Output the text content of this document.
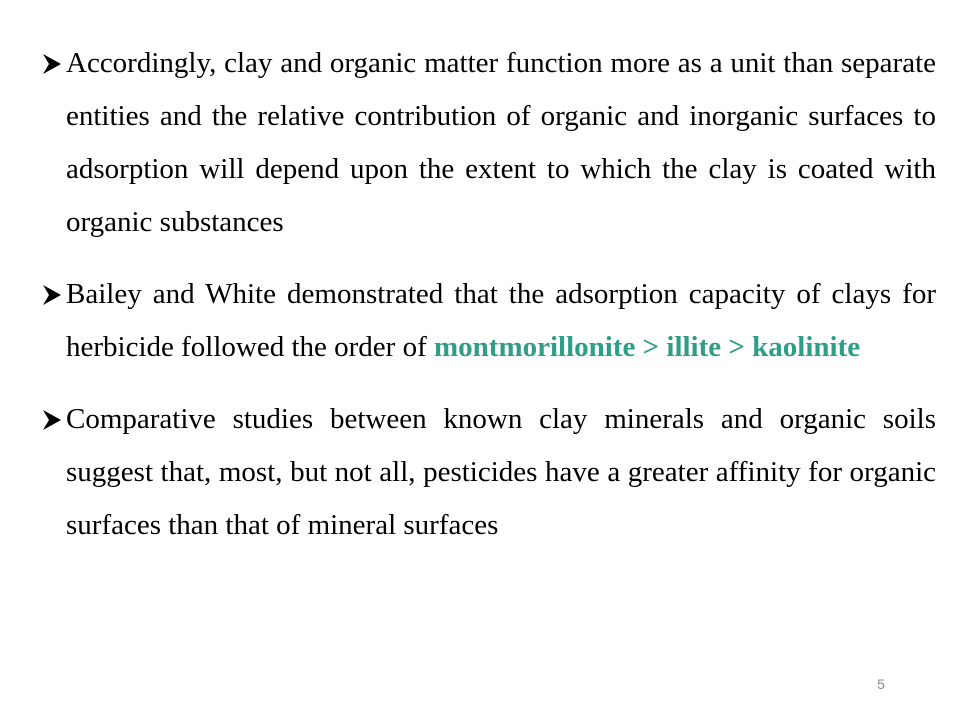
Accordingly, clay and organic matter function more as a unit than separate entities and the relative contribution of organic and inorganic surfaces to adsorption will depend upon the extent to which the clay is coated with organic substances
Bailey and White demonstrated that the adsorption capacity of clays for herbicide followed the order of montmorillonite > illite > kaolinite
Comparative studies between known clay minerals and organic soils suggest that, most, but not all, pesticides have a greater affinity for organic surfaces than that of mineral surfaces
5
